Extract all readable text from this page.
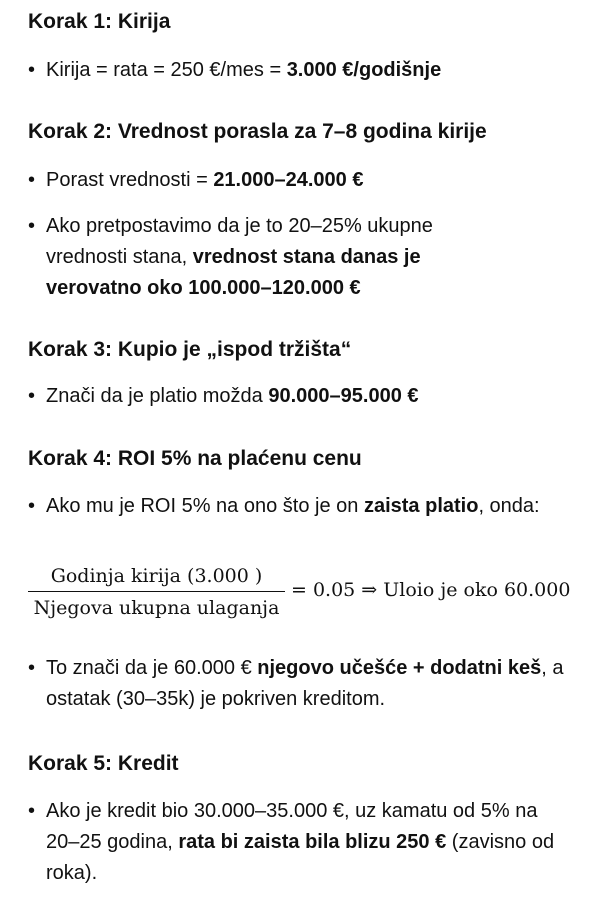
Korak 1: Kirija
• Kirija = rata = 250 €/mes = 3.000 €/godišnje
Korak 2: Vrednost porasla za 7–8 godina kirije
• Porast vrednosti = 21.000–24.000 €
• Ako pretpostavimo da je to 20–25% ukupne vrednosti stana, vrednost stana danas je verovatno oko 100.000–120.000 €
Korak 3: Kupio je „ispod tržišta“
• Znači da je platio možda 90.000–95.000 €
Korak 4: ROI 5% na plaćenu cenu
• Ako mu je ROI 5% na ono što je on zaista platio, onda:
Godinja kirija (3.000 )
Njegova ukupna ulaganja
= 0.05 ⇒ Uloio je oko 60.000
• To znači da je 60.000 € njegovo učešće + dodatni keš, a ostatak (30–35k) je pokriven kreditom.
Korak 5: Kredit
• Ako je kredit bio 30.000–35.000 €, uz kamatu od 5% na 20–25 godina, rata bi zaista bila blizu 250 € (zavisno od roka).
